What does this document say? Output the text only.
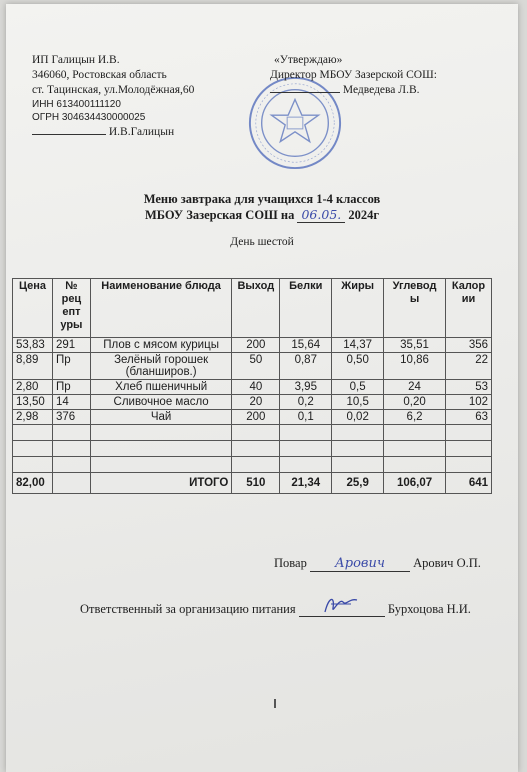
ИП Галицын И.В.
346060, Ростовская область
ст. Тацинская, ул.Молодёжная,60
ИНН 613400111120
ОГРН 304634430000025
И.В.Галицын
«Утверждаю»
Директор МБОУ Зазерской СОШ:
Медведева Л.В.
Меню завтрака для учащихся 1-4 классов
МБОУ Зазерская СОШ на 06.05. 2024г
День шестой
Цена	№ рец епт уры	Наименование блюда	Выход	Белки	Жиры	Углевод ы	Калор ии
53,83	291	Плов с мясом курицы	200	15,64	14,37	35,51	356
8,89	Пр	Зелёный горошек (бланширов.)	50	0,87	0,50	10,86	22
2,80	Пр	Хлеб пшеничный	40	3,95	0,5	24	53
13,50	14	Сливочное масло	20	0,2	10,5	0,20	102
2,98	376	Чай	200	0,1	0,02	6,2	63

82,00		ИТОГО	510	21,34	25,9	106,07	641
Повар Арович Арович О.П.
Ответственный за организацию питания	Бурхоцова Н.И.
